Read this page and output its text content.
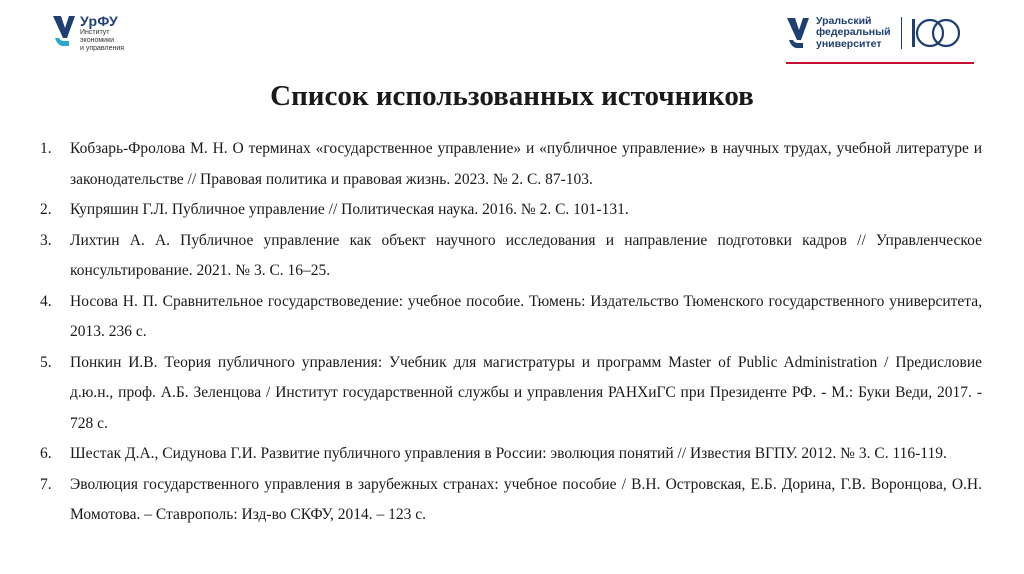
УрФУ
Институт
экономики
и управления
Уральский
федеральный
университет
Список использованных источников
1.	Кобзарь-Фролова М. Н. О терминах «государственное управление» и «публичное управление» в научных трудах, учебной литературе и законодательстве // Правовая политика и правовая жизнь. 2023. № 2. С. 87-103.
2.	Купряшин Г.Л. Публичное управление // Политическая наука. 2016. № 2. С. 101-131.
3.	Лихтин А. А. Публичное управление как объект научного исследования и направление подготовки кадров // Управленческое консультирование. 2021. № 3. С. 16–25.
4.	Носова Н. П. Сравнительное государствоведение: учебное пособие. Тюмень: Издательство Тюменского государственного университета, 2013. 236 с.
5.	Понкин И.В. Теория публичного управления: Учебник для магистратуры и программ Master of Public Administration / Предисловие д.ю.н., проф. А.Б. Зеленцова / Институт государственной службы и управления РАНХиГС при Президенте РФ. - М.: Буки Веди, 2017. - 728 с.
6.	Шестак Д.А., Сидунова Г.И. Развитие публичного управления в России: эволюция понятий // Известия ВГПУ. 2012. № 3. С. 116-119.
7.	Эволюция государственного управления в зарубежных странах: учебное пособие / В.Н. Островская, Е.Б. Дорина, Г.В. Воронцова, О.Н. Момотова. – Ставрополь: Изд-во СКФУ, 2014. – 123 с.
